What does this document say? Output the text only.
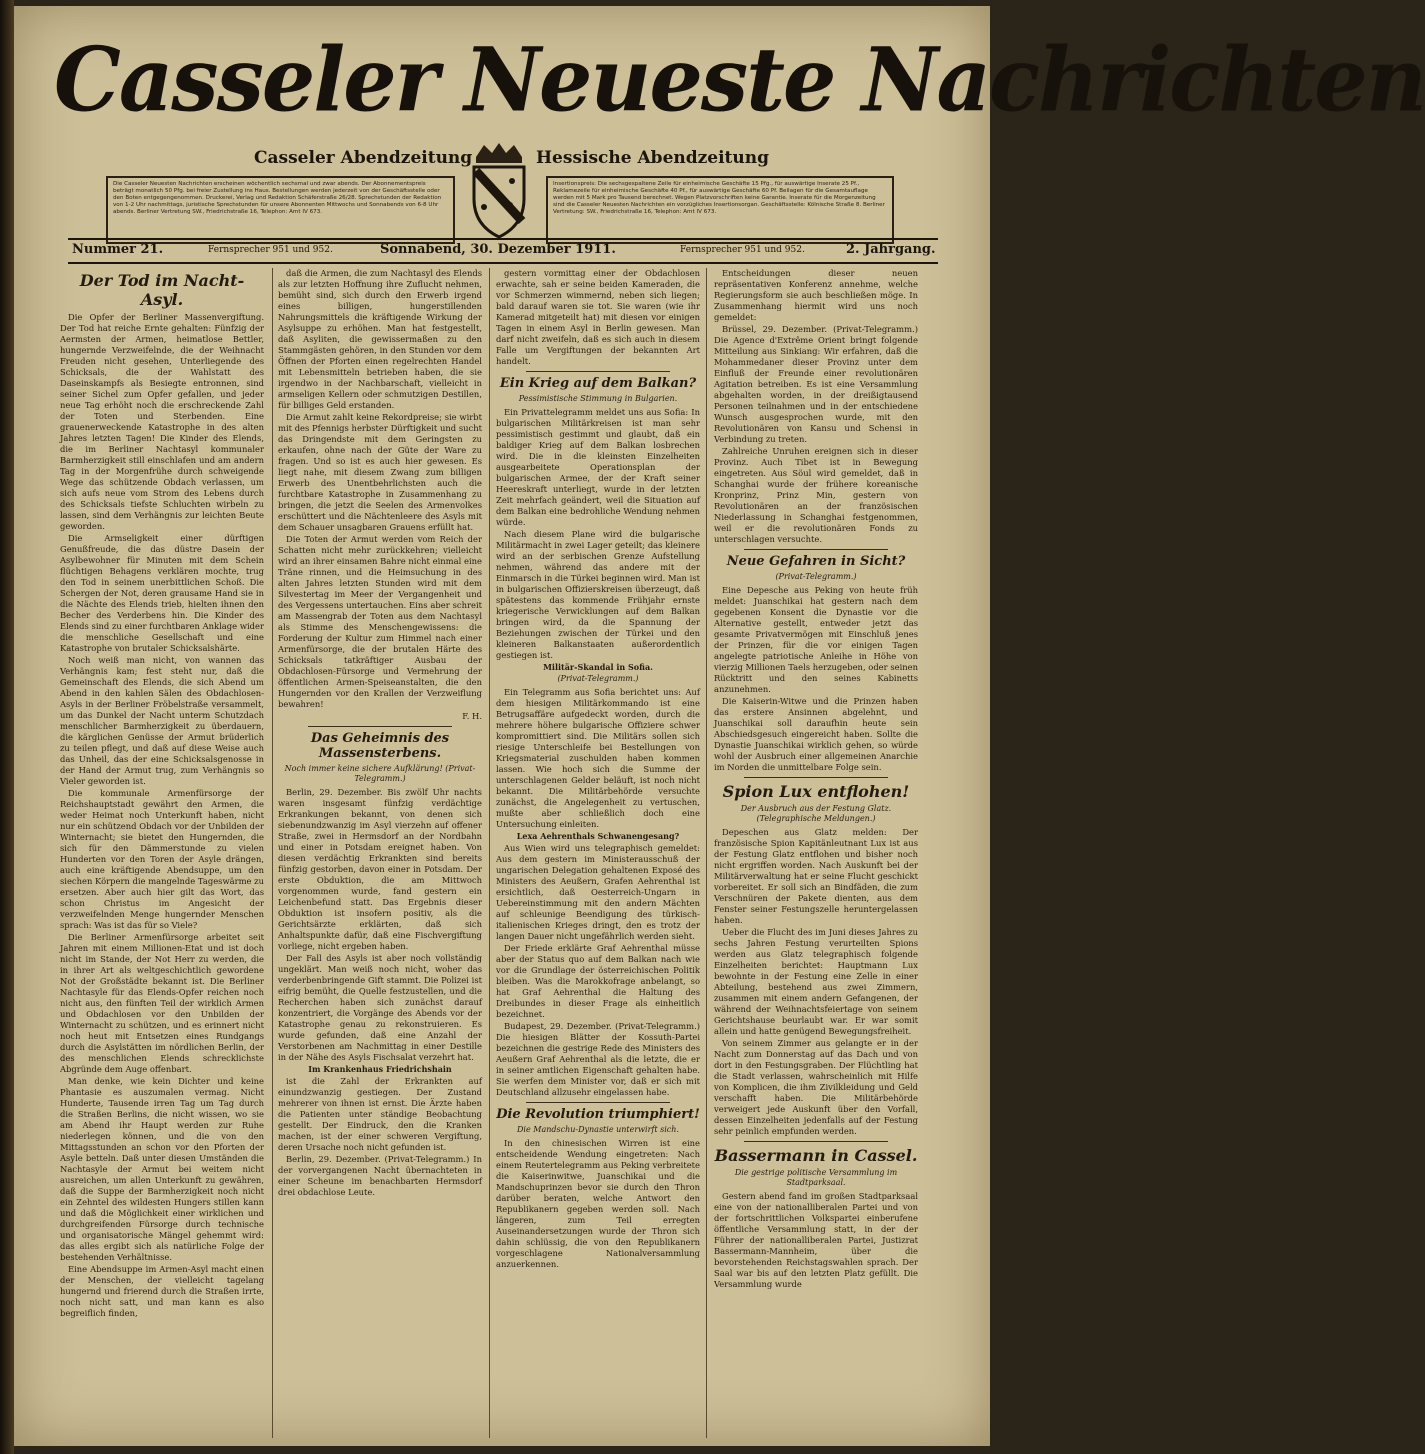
Casseler Neueste Nachrichten
Casseler Abendzeitung	Hessische Abendzeitung
Die Casseler Neuesten Nachrichten erscheinen wöchentlich sechsmal und zwar abends. Der Abonnementspreis beträgt monatlich 50 Pfg. bei freier Zustellung ins Haus. Bestellungen werden jederzeit von der Geschäftsstelle oder den Boten entgegengenommen. Druckerei, Verlag und Redaktion Schäferstraße 26/28. Sprechstunden der Redaktion von 1-2 Uhr nachmittags, juristische Sprechstunden für unsere Abonnenten Mittwochs und Sonnabends von 6-8 Uhr abends. Berliner Vertretung SW., Friedrichstraße 16, Telephon: Amt IV 673.
Insertionspreis: Die sechsgespaltene Zeile für einheimische Geschäfte 15 Pfg., für auswärtige Inserate 25 Pf., Reklamezeile für einheimische Geschäfte 40 Pf., für auswärtige Geschäfte 60 Pf. Beilagen für die Gesamtauflage werden mit 5 Mark pro Tausend berechnet. Wegen Platzvorschriften keine Garantie. Inserate für die Morgenzeitung sind die Casseler Neuesten Nachrichten ein vorzügliches Insertionsorgan. Geschäftsstelle: Kölnische Straße 8. Berliner Vertretung: SW., Friedrichstraße 16, Telephon: Amt IV 673.
Nummer 21.	Fernsprecher 951 und 952.	Sonnabend, 30. Dezember 1911.	Fernsprecher 951 und 952.	2. Jahrgang.
Der Tod im Nacht-Asyl.

Die Opfer der Berliner Massenvergiftung. Der Tod hat reiche Ernte gehalten: Fünfzig der Aermsten der Armen, heimatlose Bettler, hungernde Verzweifelnde, die der Weihnacht Freuden nicht gesehen, Unterliegende des Schicksals, die der Wahlstatt des Daseinskampfs als Besiegte entronnen, sind seiner Sichel zum Opfer gefallen, und jeder neue Tag erhöht noch die erschreckende Zahl der Toten und Sterbenden. Eine grauenerweckende Katastrophe in des alten Jahres letzten Tagen! Die Kinder des Elends, die im Berliner Nachtasyl kommunaler Barmherzigkeit still einschlafen und am andern Tag in der Morgenfrühe durch schweigende Wege das schützende Obdach verlassen, um sich aufs neue vom Strom des Lebens durch des Schicksals tiefste Schluchten wirbeln zu lassen, sind dem Verhängnis zur leichten Beute geworden.

Die Armseligkeit einer dürftigen Genußfreude, die das düstre Dasein der Asylbewohner für Minuten mit dem Schein flüchtigen Behagens verklären mochte, trug den Tod in seinem unerbittlichen Schoß. Die Schergen der Not, deren grausame Hand sie in die Nächte des Elends trieb, hielten ihnen den Becher des Verderbens hin. Die Kinder des Elends sind zu einer furchtbaren Anklage wider die menschliche Gesellschaft und eine Katastrophe von brutaler Schicksalshärte.

Noch weiß man nicht, von wannen das Verhängnis kam; fest steht nur, daß die Gemeinschaft des Elends, die sich Abend um Abend in den kahlen Sälen des Obdachlosen-Asyls in der Berliner Fröbelstraße versammelt, um das Dunkel der Nacht unterm Schutzdach menschlicher Barmherzigkeit zu überdauern, die kärglichen Genüsse der Armut brüderlich zu teilen pflegt, und daß auf diese Weise auch das Unheil, das der eine Schicksalsgenosse in der Hand der Armut trug, zum Verhängnis so Vieler geworden ist.

Die kommunale Armenfürsorge der Reichshauptstadt gewährt den Armen, die weder Heimat noch Unterkunft haben, nicht nur ein schützend Obdach vor der Unbilden der Winternacht; sie bietet den Hungernden, die sich für den Dämmerstunde zu vielen Hunderten vor den Toren der Asyle drängen, auch eine kräftigende Abendsuppe, um den siechen Körpern die mangelnde Tageswärme zu ersetzen. Aber auch hier gilt das Wort, das schon Christus im Angesicht der verzweifelnden Menge hungernder Menschen sprach: Was ist das für so Viele?

Die Berliner Armenfürsorge arbeitet seit Jahren mit einem Millionen-Etat und ist doch nicht im Stande, der Not Herr zu werden, die in ihrer Art als weltgeschichtlich gewordene Not der Großstädte bekannt ist. Die Berliner Nachtasyle für das Elends-Opfer reichen noch nicht aus, den fünften Teil der wirklich Armen und Obdachlosen vor den Unbilden der Winternacht zu schützen, und es erinnert nicht noch heut mit Entsetzen eines Rundgangs durch die Asylstätten im nördlichen Berlin, der des menschlichen Elends schrecklichste Abgründe dem Auge offenbart.

Man denke, wie kein Dichter und keine Phantasie es auszumalen vermag. Nicht Hunderte, Tausende irren Tag um Tag durch die Straßen Berlins, die nicht wissen, wo sie am Abend ihr Haupt werden zur Ruhe niederlegen können, und die von den Mittagsstunden an schon vor den Pforten der Asyle betteln. Daß unter diesen Umständen die Nachtasyle der Armut bei weitem nicht ausreichen, um allen Unterkunft zu gewähren, daß die Suppe der Barmherzigkeit noch nicht ein Zehntel des wildesten Hungers stillen kann und daß die Möglichkeit einer wirklichen und durchgreifenden Fürsorge durch technische und organisatorische Mängel gehemmt wird: das alles ergibt sich als natürliche Folge der bestehenden Verhältnisse.

Eine Abendsuppe im Armen-Asyl macht einen der Menschen, der vielleicht tagelang hungernd und frierend durch die Straßen irrte, noch nicht satt, und man kann es also begreiflich finden,

daß die Armen, die zum Nachtasyl des Elends als zur letzten Hoffnung ihre Zuflucht nehmen, bemüht sind, sich durch den Erwerb irgend eines billigen, hungerstillenden Nahrungsmittels die kräftigende Wirkung der Asylsuppe zu erhöhen. Man hat festgestellt, daß Asyliten, die gewissermaßen zu den Stammgästen gehören, in den Stunden vor dem Öffnen der Pforten einen regelrechten Handel mit Lebensmitteln betrieben haben, die sie irgendwo in der Nachbarschaft, vielleicht in armseligen Kellern oder schmutzigen Destillen, für billiges Geld erstanden.

Die Armut zahlt keine Rekordpreise; sie wirbt mit des Pfennigs herbster Dürftigkeit und sucht das Dringendste mit dem Geringsten zu erkaufen, ohne nach der Güte der Ware zu fragen. Und so ist es auch hier gewesen. Es liegt nahe, mit diesem Zwang zum billigen Erwerb des Unentbehrlichsten auch die furchtbare Katastrophe in Zusammenhang zu bringen, die jetzt die Seelen des Armenvolkes erschüttert und die Nächtenleere des Asyls mit dem Schauer unsagbaren Grauens erfüllt hat.

Die Toten der Armut werden vom Reich der Schatten nicht mehr zurückkehren; vielleicht wird an ihrer einsamen Bahre nicht einmal eine Träne rinnen, und die Heimsuchung in des alten Jahres letzten Stunden wird mit dem Silvestertag im Meer der Vergangenheit und des Vergessens untertauchen. Eins aber schreit am Massengrab der Toten aus dem Nachtasyl als Stimme des Menschengewissens: die Forderung der Kultur zum Himmel nach einer Armenfürsorge, die der brutalen Härte des Schicksals tatkräftiger Ausbau der Obdachlosen-Fürsorge und Vermehrung der öffentlichen Armen-Speiseanstalten, die den Hungernden vor den Krallen der Verzweiflung bewahren!

F. H.

Das Geheimnis des Massensterbens.
Noch immer keine sichere Aufklärung! (Privat-Telegramm.)

Berlin, 29. Dezember. Bis zwölf Uhr nachts waren insgesamt fünfzig verdächtige Erkrankungen bekannt, von denen sich siebenundzwanzig im Asyl vierzehn auf offener Straße, zwei in Hermsdorf an der Nordbahn und einer in Potsdam ereignet haben. Von diesen verdächtig Erkrankten sind bereits fünfzig gestorben, davon einer in Potsdam. Der erste Obduktion, die am Mittwoch vorgenommen wurde, fand gestern ein Leichenbefund statt. Das Ergebnis dieser Obduktion ist insofern positiv, als die Gerichtsärzte erklärten, daß sich Anhaltspunkte dafür, daß eine Fischvergiftung vorliege, nicht ergeben haben.

Der Fall des Asyls ist aber noch vollständig ungeklärt. Man weiß noch nicht, woher das verderbenbringende Gift stammt. Die Polizei ist eifrig bemüht, die Quelle festzustellen, und die Recherchen haben sich zunächst darauf konzentriert, die Vorgänge des Abends vor der Katastrophe genau zu rekonstruieren. Es wurde gefunden, daß eine Anzahl der Verstorbenen am Nachmittag in einer Destille in der Nähe des Asyls Fischsalat verzehrt hat.

Im Krankenhaus Friedrichshain

ist die Zahl der Erkrankten auf einundzwanzig gestiegen. Der Zustand mehrerer von ihnen ist ernst. Die Ärzte haben die Patienten unter ständige Beobachtung gestellt. Der Eindruck, den die Kranken machen, ist der einer schweren Vergiftung, deren Ursache noch nicht gefunden ist.

Berlin, 29. Dezember. (Privat-Telegramm.) In der vorvergangenen Nacht übernachteten in einer Scheune im benachbarten Hermsdorf drei obdachlose Leute.

gestern vormittag einer der Obdachlosen erwachte, sah er seine beiden Kameraden, die vor Schmerzen wimmernd, neben sich liegen; bald darauf waren sie tot. Sie waren (wie ihr Kamerad mitgeteilt hat) mit diesen vor einigen Tagen in einem Asyl in Berlin gewesen. Man darf nicht zweifeln, daß es sich auch in diesem Falle um Vergiftungen der bekannten Art handelt.

Ein Krieg auf dem Balkan?
Pessimistische Stimmung in Bulgarien.

Ein Privattelegramm meldet uns aus Sofia: In bulgarischen Militärkreisen ist man sehr pessimistisch gestimmt und glaubt, daß ein baldiger Krieg auf dem Balkan losbrechen wird. Die in die kleinsten Einzelheiten ausgearbeitete Operationsplan der bulgarischen Armee, der der Kraft seiner Heereskraft unterliegt, wurde in der letzten Zeit mehrfach geändert, weil die Situation auf dem Balkan eine bedrohliche Wendung nehmen würde.

Nach diesem Plane wird die bulgarische Militärmacht in zwei Lager geteilt; das kleinere wird an der serbischen Grenze Aufstellung nehmen, während das andere mit der Einmarsch in die Türkei beginnen wird. Man ist in bulgarischen Offizierskreisen überzeugt, daß spätestens das kommende Frühjahr ernste kriegerische Verwicklungen auf dem Balkan bringen wird, da die Spannung der Beziehungen zwischen der Türkei und den kleineren Balkanstaaten außerordentlich gestiegen ist.

Militär-Skandal in Sofia.
(Privat-Telegramm.)

Ein Telegramm aus Sofia berichtet uns: Auf dem hiesigen Militärkommando ist eine Betrugsaffäre aufgedeckt worden, durch die mehrere höhere bulgarische Offiziere schwer kompromittiert sind. Die Militärs sollen sich riesige Unterschleife bei Bestellungen von Kriegsmaterial zuschulden haben kommen lassen. Wie hoch sich die Summe der unterschlagenen Gelder beläuft, ist noch nicht bekannt. Die Militärbehörde versuchte zunächst, die Angelegenheit zu vertuschen, mußte aber schließlich doch eine Untersuchung einleiten.

Lexa Aehrenthals Schwanengesang?

Aus Wien wird uns telegraphisch gemeldet: Aus dem gestern im Ministerausschuß der ungarischen Delegation gehaltenen Exposé des Ministers des Aeußern, Grafen Aehrenthal ist ersichtlich, daß Oesterreich-Ungarn in Uebereinstimmung mit den andern Mächten auf schleunige Beendigung des türkisch-italienischen Krieges dringt, den es trotz der langen Dauer nicht ungefährlich werden sieht.

Der Friede erklärte Graf Aehrenthal müsse aber der Status quo auf dem Balkan nach wie vor die Grundlage der österreichischen Politik bleiben. Was die Marokkofrage anbelangt, so hat Graf Aehrenthal die Haltung des Dreibundes in dieser Frage als einheitlich bezeichnet.

Budapest, 29. Dezember. (Privat-Telegramm.) Die hiesigen Blätter der Kossuth-Partei bezeichnen die gestrige Rede des Ministers des Aeußern Graf Aehrenthal als die letzte, die er in seiner amtlichen Eigenschaft gehalten habe. Sie werfen dem Minister vor, daß er sich mit Deutschland allzusehr eingelassen habe.

Die Revolution triumphiert!
Die Mandschu-Dynastie unterwirft sich.

In den chinesischen Wirren ist eine entscheidende Wendung eingetreten: Nach einem Reutertelegramm aus Peking verbreitete die Kaiserinwitwe, Juanschikai und die Mandschuprinzen bevor sie durch den Thron darüber beraten, welche Antwort den Republikanern gegeben werden soll. Nach längeren, zum Teil erregten Auseinandersetzungen wurde der Thron sich dahin schlüssig, die von den Republikanern vorgeschlagene Nationalversammlung anzuerkennen.

Entscheidungen dieser neuen repräsentativen Konferenz annehme, welche Regierungsform sie auch beschließen möge. In Zusammenhang hiermit wird uns noch gemeldet:

Brüssel, 29. Dezember. (Privat-Telegramm.) Die Agence d'Extrême Orient bringt folgende Mitteilung aus Sinkiang: Wir erfahren, daß die Mohammedaner dieser Provinz unter dem Einfluß der Freunde einer revolutionären Agitation betreiben. Es ist eine Versammlung abgehalten worden, in der dreißigtausend Personen teilnahmen und in der entschiedene Wunsch ausgesprochen wurde, mit den Revolutionären von Kansu und Schensi in Verbindung zu treten.

Zahlreiche Unruhen ereignen sich in dieser Provinz. Auch Tibet ist in Bewegung eingetreten. Aus Söul wird gemeldet, daß in Schanghai wurde der frühere koreanische Kronprinz, Prinz Min, gestern von Revolutionären an der französischen Niederlassung in Schanghai festgenommen, weil er die revolutionären Fonds zu unterschlagen versuchte.

Neue Gefahren in Sicht?
(Privat-Telegramm.)

Eine Depesche aus Peking von heute früh meldet: Juanschikai hat gestern nach dem gegebenen Konsent die Dynastie vor die Alternative gestellt, entweder jetzt das gesamte Privatvermögen mit Einschluß jenes der Prinzen, für die vor einigen Tagen angelegte patriotische Anleihe in Höhe von vierzig Millionen Taels herzugeben, oder seinen Rücktritt und den seines Kabinetts anzunehmen.

Die Kaiserin-Witwe und die Prinzen haben das erstere Ansinnen abgelehnt, und Juanschikai soll daraufhin heute sein Abschiedsgesuch eingereicht haben. Sollte die Dynastie Juanschikai wirklich gehen, so würde wohl der Ausbruch einer allgemeinen Anarchie im Norden die unmittelbare Folge sein.

Spion Lux entflohen!
Der Ausbruch aus der Festung Glatz. (Telegraphische Meldungen.)

Depeschen aus Glatz melden: Der französische Spion Kapitänleutnant Lux ist aus der Festung Glatz entflohen und bisher noch nicht ergriffen worden. Nach Auskunft bei der Militärverwaltung hat er seine Flucht geschickt vorbereitet. Er soll sich an Bindfäden, die zum Verschnüren der Pakete dienten, aus dem Fenster seiner Festungszelle heruntergelassen haben.

Ueber die Flucht des im Juni dieses Jahres zu sechs Jahren Festung verurteilten Spions werden aus Glatz telegraphisch folgende Einzelheiten berichtet: Hauptmann Lux bewohnte in der Festung eine Zelle in einer Abteilung, bestehend aus zwei Zimmern, zusammen mit einem andern Gefangenen, der während der Weihnachtsfeiertage von seinem Gerichtshause beurlaubt war. Er war somit allein und hatte genügend Bewegungsfreiheit.

Von seinem Zimmer aus gelangte er in der Nacht zum Donnerstag auf das Dach und von dort in den Festungsgraben. Der Flüchtling hat die Stadt verlassen, wahrscheinlich mit Hilfe von Komplicen, die ihm Zivilkleidung und Geld verschafft haben. Die Militärbehörde verweigert jede Auskunft über den Vorfall, dessen Einzelheiten jedenfalls auf der Festung sehr peinlich empfunden werden.

Bassermann in Cassel.
Die gestrige politische Versammlung im Stadtparksaal.

Gestern abend fand im großen Stadtparksaal eine von der nationalliberalen Partei und von der fortschrittlichen Volkspartei einberufene öffentliche Versammlung statt, in der der Führer der nationalliberalen Partei, Justizrat Bassermann-Mannheim, über die bevorstehenden Reichstagswahlen sprach. Der Saal war bis auf den letzten Platz gefüllt. Die Versammlung wurde
